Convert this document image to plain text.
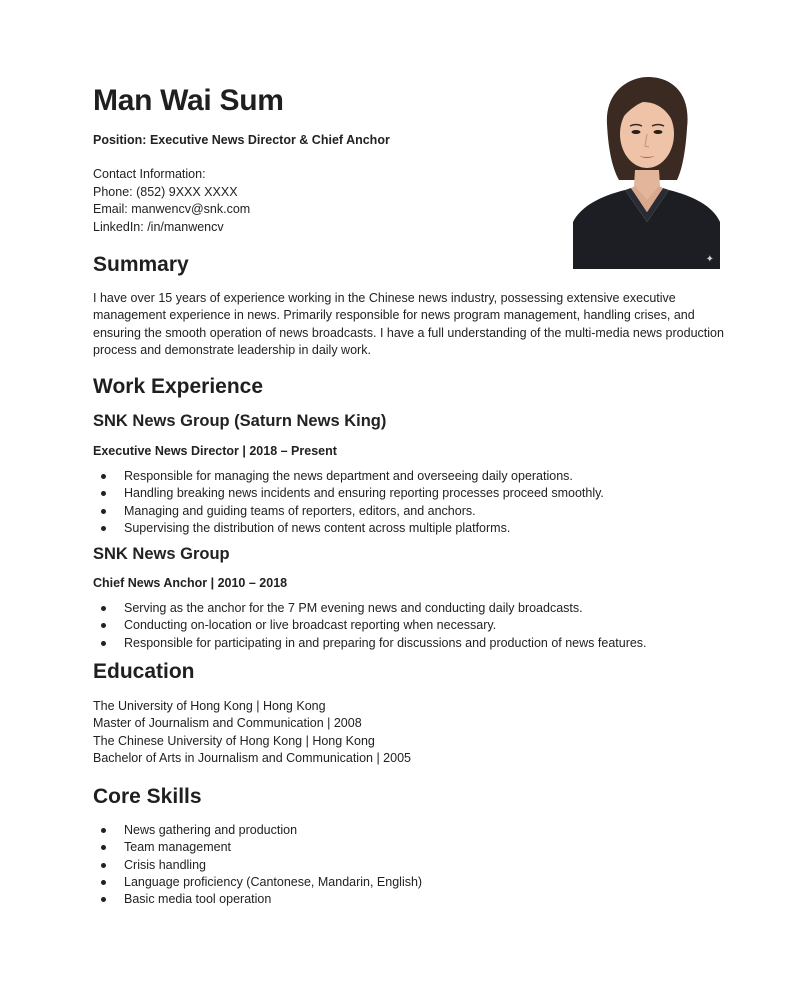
Man Wai Sum
Position: Executive News Director & Chief Anchor
Contact Information:
Phone: (852) 9XXX XXXX
Email: manwencv@snk.com
LinkedIn: /in/manwencv
✦
Summary
I have over 15 years of experience working in the Chinese news industry, possessing extensive executive management experience in news. Primarily responsible for news program management, handling crises, and ensuring the smooth operation of news broadcasts. I have a full understanding of the multi-media news production process and demonstrate leadership in daily work.
Work Experience
SNK News Group (Saturn News King)
Executive News Director | 2018 – Present
Responsible for managing the news department and overseeing daily operations.
Handling breaking news incidents and ensuring reporting processes proceed smoothly.
Managing and guiding teams of reporters, editors, and anchors.
Supervising the distribution of news content across multiple platforms.
SNK News Group
Chief News Anchor | 2010 – 2018
Serving as the anchor for the 7 PM evening news and conducting daily broadcasts.
Conducting on-location or live broadcast reporting when necessary.
Responsible for participating in and preparing for discussions and production of news features.
Education
The University of Hong Kong | Hong Kong
Master of Journalism and Communication | 2008
The Chinese University of Hong Kong | Hong Kong
Bachelor of Arts in Journalism and Communication | 2005
Core Skills
News gathering and production
Team management
Crisis handling
Language proficiency (Cantonese, Mandarin, English)
Basic media tool operation
